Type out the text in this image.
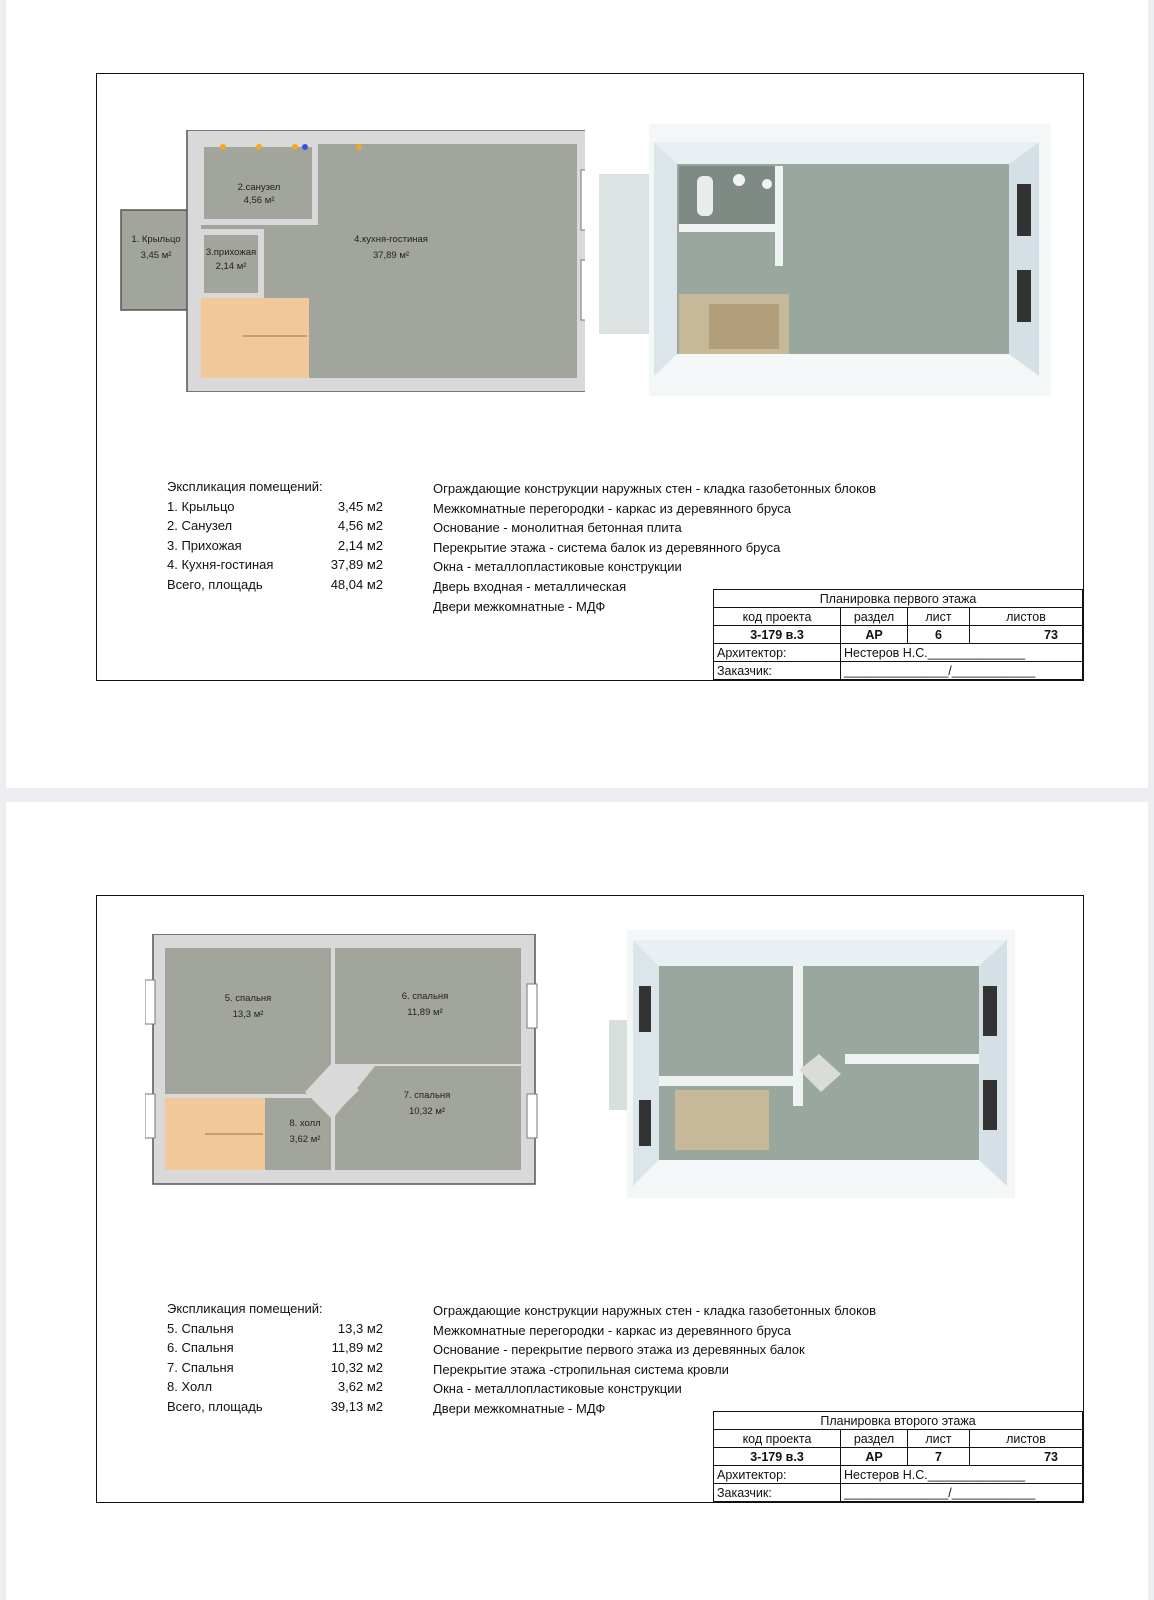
2.санузел
4,56 м²
1. Крыльцо
3,45 м²	3.прихожая
2,14 м²
4.кухня-гостиная
37,89 м²
Экспликация помещений:
1. Крыльцо	3,45 м2
2. Санузел	4,56 м2
3. Прихожая	2,14 м2
4. Кухня-гостиная	37,89 м2
Всего, площадь	48,04 м2
Ограждающие конструкции наружных стен - кладка газобетонных блоков
Межкомнатные перегородки - каркас из деревянного бруса
Основание - монолитная бетонная плита
Перекрытие этажа - система балок из деревянного бруса
Окна - металлопластиковые конструкции
Дверь входная - металлическая
Двери межкомнатные - МДФ
Планировка первого этажа			
код проекта	раздел	лист	листов
3-179 в.3	АР	6	73
Архитектор:	Нестеров Н.С.______________		
Заказчик:	_______________/____________		
5. спальня
13,3 м²
6. спальня
11,89 м²
7. спальня
10,32 м²
8. холл
3,62 м²
Экспликация помещений:
5. Спальня	13,3 м2
6. Спальня	11,89 м2
7. Спальня	10,32 м2
8. Холл	3,62 м2
Всего, площадь	39,13 м2
Ограждающие конструкции наружных стен - кладка газобетонных блоков
Межкомнатные перегородки - каркас из деревянного бруса
Основание - перекрытие первого этажа из деревянных балок
Перекрытие этажа -стропильная система кровли
Окна - металлопластиковые конструкции
Двери межкомнатные - МДФ
Планировка второго этажа			
код проекта	раздел	лист	листов
3-179 в.3	АР	7	73
Архитектор:	Нестеров Н.С.______________		
Заказчик:	_______________/____________		
